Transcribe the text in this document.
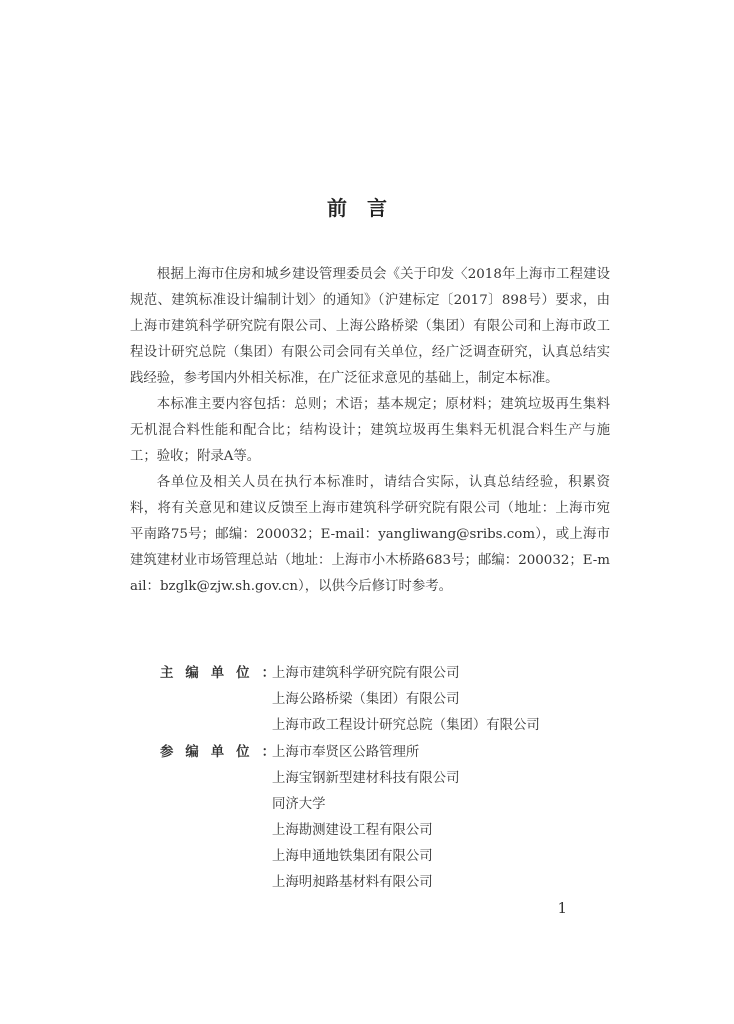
前言

根据上海市住房和城乡建设管理委员会《关于印发〈2018年上海市工程建设规范、建筑标准设计编制计划〉的通知》（沪建标定〔2017〕898号）要求，由上海市建筑科学研究院有限公司、上海公路桥梁（集团）有限公司和上海市政工程设计研究总院（集团）有限公司会同有关单位，经广泛调查研究，认真总结实践经验，参考国内外相关标准，在广泛征求意见的基础上，制定本标准。

本标准主要内容包括：总则；术语；基本规定；原材料；建筑垃圾再生集料无机混合料性能和配合比；结构设计；建筑垃圾再生集料无机混合料生产与施工；验收；附录A等。

各单位及相关人员在执行本标准时，请结合实际，认真总结经验，积累资料，将有关意见和建议反馈至上海市建筑科学研究院有限公司（地址：上海市宛平南路75号；邮编：200032；E-mail：yangliwang@sribs.com），或上海市建筑建材业市场管理总站（地址：上海市小木桥路683号；邮编：200032；E-mail：bzglk@zjw.sh.gov.cn），以供今后修订时参考。

主编单位 ：
上海市建筑科学研究院有限公司
上海公路桥梁（集团）有限公司
上海市政工程设计研究总院（集团）有限公司
参编单位 ：
上海市奉贤区公路管理所
上海宝钢新型建材科技有限公司
同济大学
上海勘测建设工程有限公司
上海申通地铁集团有限公司
上海明昶路基材料有限公司
1
